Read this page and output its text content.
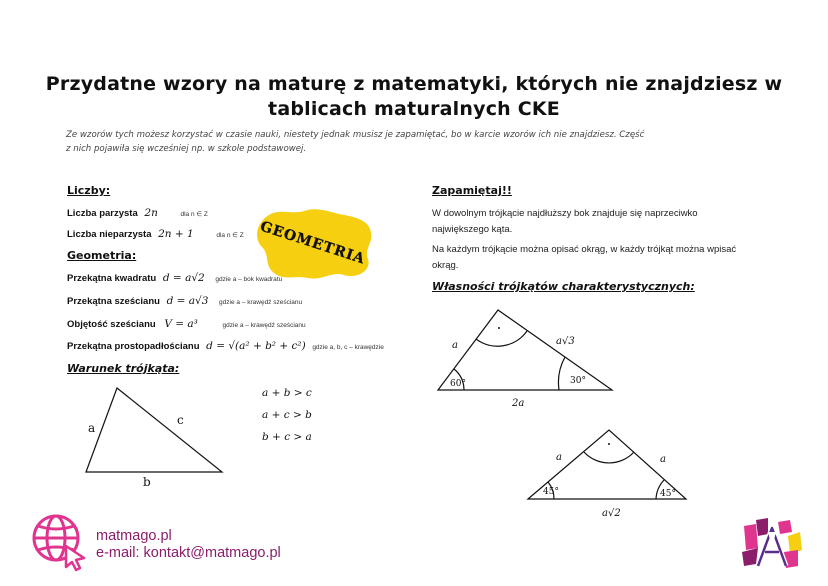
Przydatne wzory na maturę z matematyki, których nie znajdziesz w
tablicach maturalnych CKE
Ze wzorów tych możesz korzystać w czasie nauki, niestety jednak musisz je zapamiętać, bo w karcie wzorów ich nie znajdziesz. Część
z nich pojawiła się wcześniej np. w szkole podstawowej.
Liczby:
Liczba parzysta 2n	dla n ∈ Z
Liczba nieparzysta 2n + 1	dla n ∈ Z GEOMETRIA
Geometria:
Przekątna kwadratu d = a√2 gdzie a – bok kwadratu
Przekątna sześcianu d = a√3 gdzie a – krawędź sześcianu
Objętość sześcianu V = a³	gdzie a – krawędź sześcianu
Przekątna prostopadłościanu d = √(a² + b² + c²) gdzie a, b, c – krawędzie
Warunek trójkąta:
a
c
b
a + b > c
a + c > b
b + c > a
Zapamiętaj!!
W dowolnym trójkącie najdłuższy bok znajduje się naprzeciwko
największego kąta.
Na każdym trójkącie można opisać okrąg, w każdy trójkąt można wpisać
okrąg.
Własności trójkątów charakterystycznych:
a	a√3
2a
60°	30°
a	a
a√2
45°	45°
matmago.pl
e-mail: kontakt@matmago.pl
